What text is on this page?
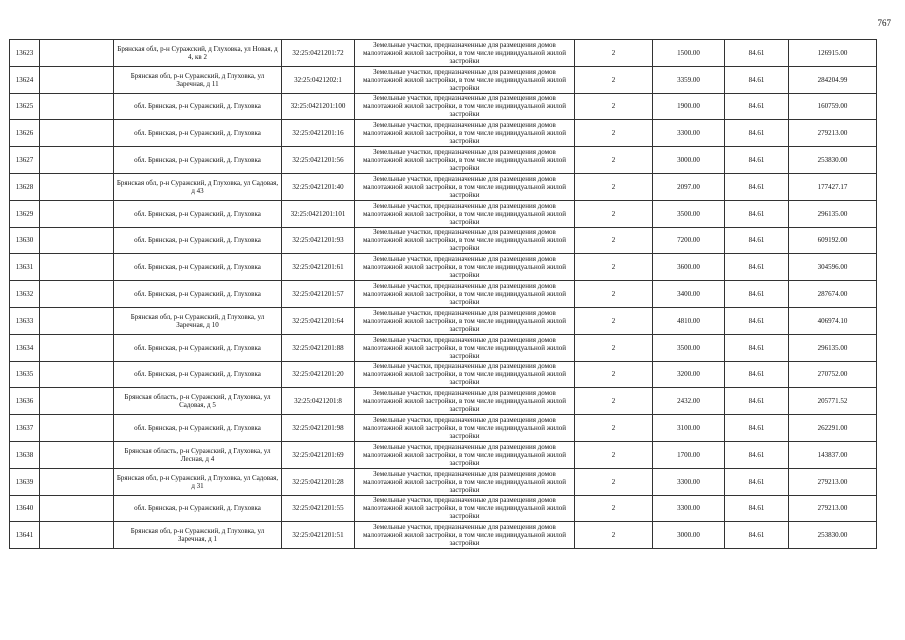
767
13623		Брянская обл, р-н Суражский, д Глуховка, ул Новая, д 4, кв 2	32:25:0421201:72	Земельные участки, предназначенные для размещения домов малоэтажной жилой застройки, в том числе индивидуальной жилой застройки	2	1500.00	84.61	126915.00
13624		Брянская обл, р-н Суражский, д Глуховка, ул Заречная, д 11	32:25:0421202:1	Земельные участки, предназначенные для размещения домов малоэтажной жилой застройки, в том числе индивидуальной жилой застройки	2	3359.00	84.61	284204.99
13625		обл. Брянская, р-н Суражский, д. Глуховка	32:25:0421201:100	Земельные участки, предназначенные для размещения домов малоэтажной жилой застройки, в том числе индивидуальной жилой застройки	2	1900.00	84.61	160759.00
13626		обл. Брянская, р-н Суражский, д. Глуховка	32:25:0421201:16	Земельные участки, предназначенные для размещения домов малоэтажной жилой застройки, в том числе индивидуальной жилой застройки	2	3300.00	84.61	279213.00
13627		обл. Брянская, р-н Суражский, д. Глуховка	32:25:0421201:56	Земельные участки, предназначенные для размещения домов малоэтажной жилой застройки, в том числе индивидуальной жилой застройки	2	3000.00	84.61	253830.00
13628		Брянская обл, р-н Суражский, д Глуховка, ул Садовая, д 43	32:25:0421201:40	Земельные участки, предназначенные для размещения домов малоэтажной жилой застройки, в том числе индивидуальной жилой застройки	2	2097.00	84.61	177427.17
13629		обл. Брянская, р-н Суражский, д. Глуховка	32:25:0421201:101	Земельные участки, предназначенные для размещения домов малоэтажной жилой застройки, в том числе индивидуальной жилой застройки	2	3500.00	84.61	296135.00
13630		обл. Брянская, р-н Суражский, д. Глуховка	32:25:0421201:93	Земельные участки, предназначенные для размещения домов малоэтажной жилой застройки, в том числе индивидуальной жилой застройки	2	7200.00	84.61	609192.00
13631		обл. Брянская, р-н Суражский, д. Глуховка	32:25:0421201:61	Земельные участки, предназначенные для размещения домов малоэтажной жилой застройки, в том числе индивидуальной жилой застройки	2	3600.00	84.61	304596.00
13632		обл. Брянская, р-н Суражский, д. Глуховка	32:25:0421201:57	Земельные участки, предназначенные для размещения домов малоэтажной жилой застройки, в том числе индивидуальной жилой застройки	2	3400.00	84.61	287674.00
13633		Брянская обл, р-н Суражский, д Глуховка, ул Заречная, д 10	32:25:0421201:64	Земельные участки, предназначенные для размещения домов малоэтажной жилой застройки, в том числе индивидуальной жилой застройки	2	4810.00	84.61	406974.10
13634		обл. Брянская, р-н Суражский, д. Глуховка	32:25:0421201:88	Земельные участки, предназначенные для размещения домов малоэтажной жилой застройки, в том числе индивидуальной жилой застройки	2	3500.00	84.61	296135.00
13635		обл. Брянская, р-н Суражский, д. Глуховка	32:25:0421201:20	Земельные участки, предназначенные для размещения домов малоэтажной жилой застройки, в том числе индивидуальной жилой застройки	2	3200.00	84.61	270752.00
13636		Брянская область, р-н Суражский, д Глуховка, ул Садовая, д 5	32:25:0421201:8	Земельные участки, предназначенные для размещения домов малоэтажной жилой застройки, в том числе индивидуальной жилой застройки	2	2432.00	84.61	205771.52
13637		обл. Брянская, р-н Суражский, д. Глуховка	32:25:0421201:98	Земельные участки, предназначенные для размещения домов малоэтажной жилой застройки, в том числе индивидуальной жилой застройки	2	3100.00	84.61	262291.00
13638		Брянская область, р-н Суражский, д Глуховка, ул Лесная, д 4	32:25:0421201:69	Земельные участки, предназначенные для размещения домов малоэтажной жилой застройки, в том числе индивидуальной жилой застройки	2	1700.00	84.61	143837.00
13639		Брянская обл, р-н Суражский, д Глуховка, ул Садовая, д 31	32:25:0421201:28	Земельные участки, предназначенные для размещения домов малоэтажной жилой застройки, в том числе индивидуальной жилой застройки	2	3300.00	84.61	279213.00
13640		обл. Брянская, р-н Суражский, д. Глуховка	32:25:0421201:55	Земельные участки, предназначенные для размещения домов малоэтажной жилой застройки, в том числе индивидуальной жилой застройки	2	3300.00	84.61	279213.00
13641		Брянская обл, р-н Суражский, д Глуховка, ул Заречная, д 1	32:25:0421201:51	Земельные участки, предназначенные для размещения домов малоэтажной жилой застройки, в том числе индивидуальной жилой застройки	2	3000.00	84.61	253830.00
